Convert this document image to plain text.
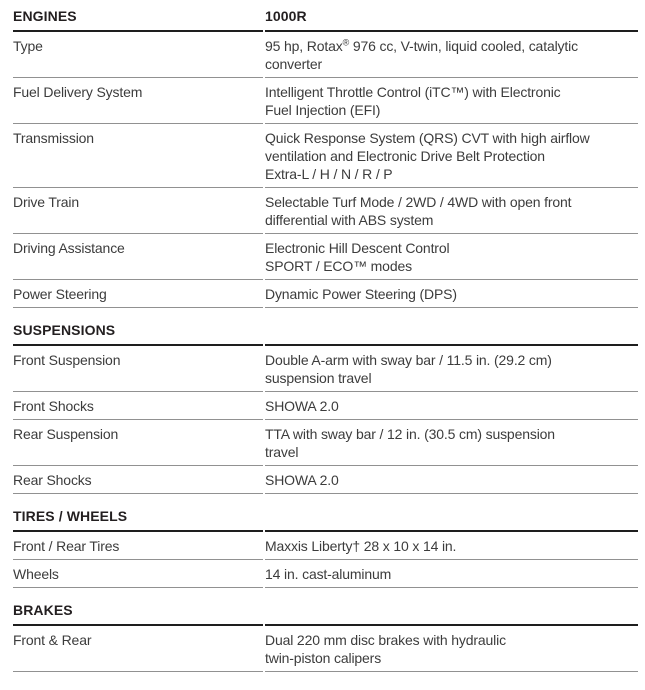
ENGINES	1000R
Type	95 hp, Rotax® 976 cc, V-twin, liquid cooled, catalytic
converter
Fuel Delivery System	Intelligent Throttle Control (iTC™) with Electronic
Fuel Injection (EFI)
Transmission	Quick Response System (QRS) CVT with high airflow
ventilation and Electronic Drive Belt Protection
Extra-L / H / N / R / P
Drive Train	Selectable Turf Mode / 2WD / 4WD with open front
differential with ABS system
Driving Assistance	Electronic Hill Descent Control
SPORT / ECO™ modes
Power Steering	Dynamic Power Steering (DPS)
SUSPENSIONS
Front Suspension	Double A-arm with sway bar / 11.5 in. (29.2 cm)
suspension travel
Front Shocks	SHOWA 2.0
Rear Suspension	TTA with sway bar / 12 in. (30.5 cm) suspension
travel
Rear Shocks	SHOWA 2.0
TIRES / WHEELS
Front / Rear Tires	Maxxis Liberty† 28 x 10 x 14 in.
Wheels	14 in. cast-aluminum
BRAKES
Front & Rear	Dual 220 mm disc brakes with hydraulic
twin-piston calipers
